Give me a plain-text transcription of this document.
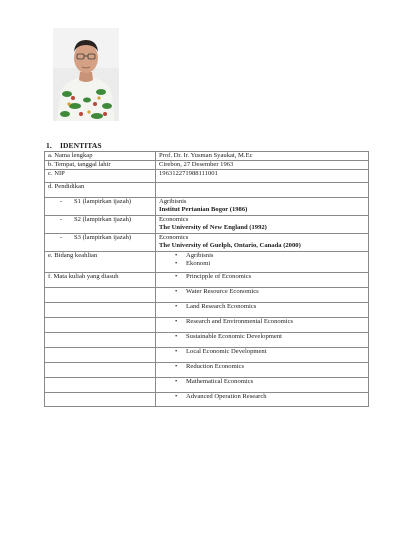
1. IDENTITAS
a. Nama lengkap	Prof. Dr. Ir. Yusman Syaukat, M.Ec
b. Tempat, tanggal lahir	Cirebon, 27 Desember 1963
c. NIP	196312271988111001
d. Pendidikan	
- S1 (lampirkan ijazah)	Agribisnis
Institut Pertanian Bogor (1986)

- S2 (lampirkan ijazah)	Economics
The University of New England (1992)

- S3 (lampirkan ijazah)	Economics
The University of Guelph, Ontario, Canada (2000)

e. Bidang keahlian	• Agribisnis
• Ekonomi

f. Mata kuliah yang diasuh	• Principple of Economics

	• Water Resource Economics

	• Land Research Economics

	• Research and Environmental Economics

	• Sustainable Economic Development

	• Local Economic Development

	• Reduction Economics

	• Mathematical Economics

	• Advanced Operation Research
